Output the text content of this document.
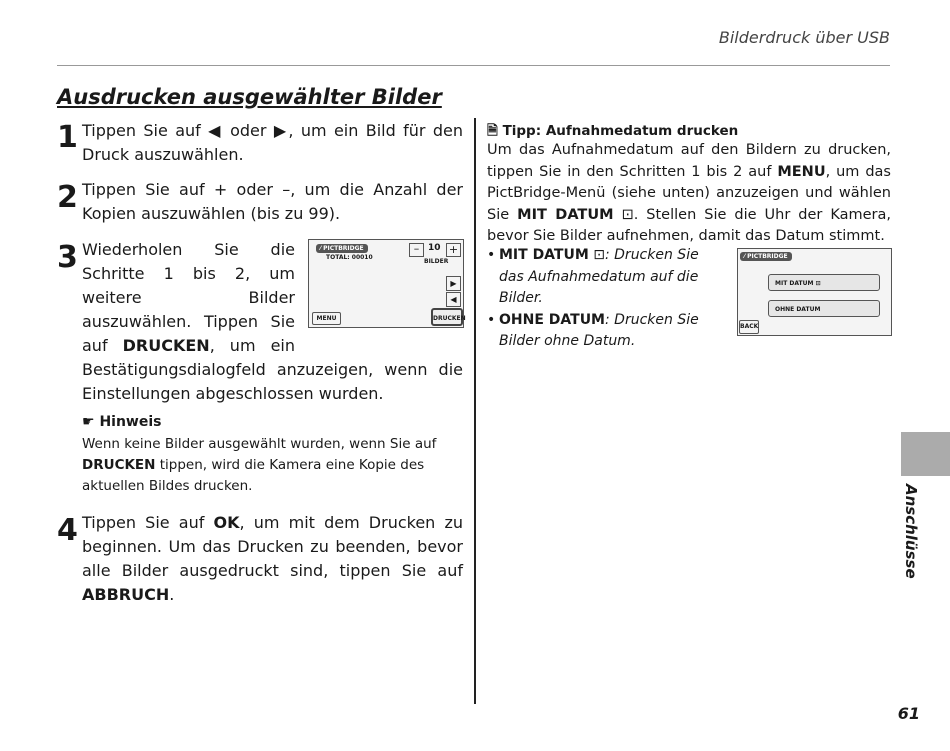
Bilderdruck über USB
Ausdrucken ausgewählter Bilder
1 Tippen Sie auf ◀ oder ▶, um ein Bild für den Druck auszuwählen.
2 Tippen Sie auf + oder –, um die Anzahl der Kopien auszuwählen (bis zu 99).
3 Wiederholen Sie die Schritte 1 bis 2, um weitere Bilder auszuwählen. Tippen Sie auf DRUCKEN, um ein Bestätigungsdialogfeld anzuzeigen, wenn die Einstellungen abgeschlossen wurden.
⁄ PICTBRIDGE
TOTAL: 00010
– 10 +
BILDER
▶
◀
MENU	DRUCKEN
☛ Hinweis
Wenn keine Bilder ausgewählt wurden, wenn Sie auf DRUCKEN tippen, wird die Kamera eine Kopie des aktuellen Bildes drucken.
4 Tippen Sie auf OK, um mit dem Drucken zu beginnen. Um das Drucken zu beenden, bevor alle Bilder ausgedruckt sind, tippen Sie auf ABBRUCH.
🗎 Tipp: Aufnahmedatum drucken
Um das Aufnahmedatum auf den Bildern zu drucken, tippen Sie in den Schritten 1 bis 2 auf MENU, um das PictBridge-Menü (siehe unten) anzuzeigen und wählen Sie MIT DATUM ⊡. Stellen Sie die Uhr der Kamera, bevor Sie Bilder aufnehmen, damit das Datum stimmt.
• MIT DATUM ⊡: Drucken Sie das Aufnahmedatum auf die Bilder.
• OHNE DATUM: Drucken Sie Bilder ohne Datum.
⁄ PICTBRIDGE
MIT DATUM ⊡
OHNE DATUM
BACK
Anschlüsse
61
